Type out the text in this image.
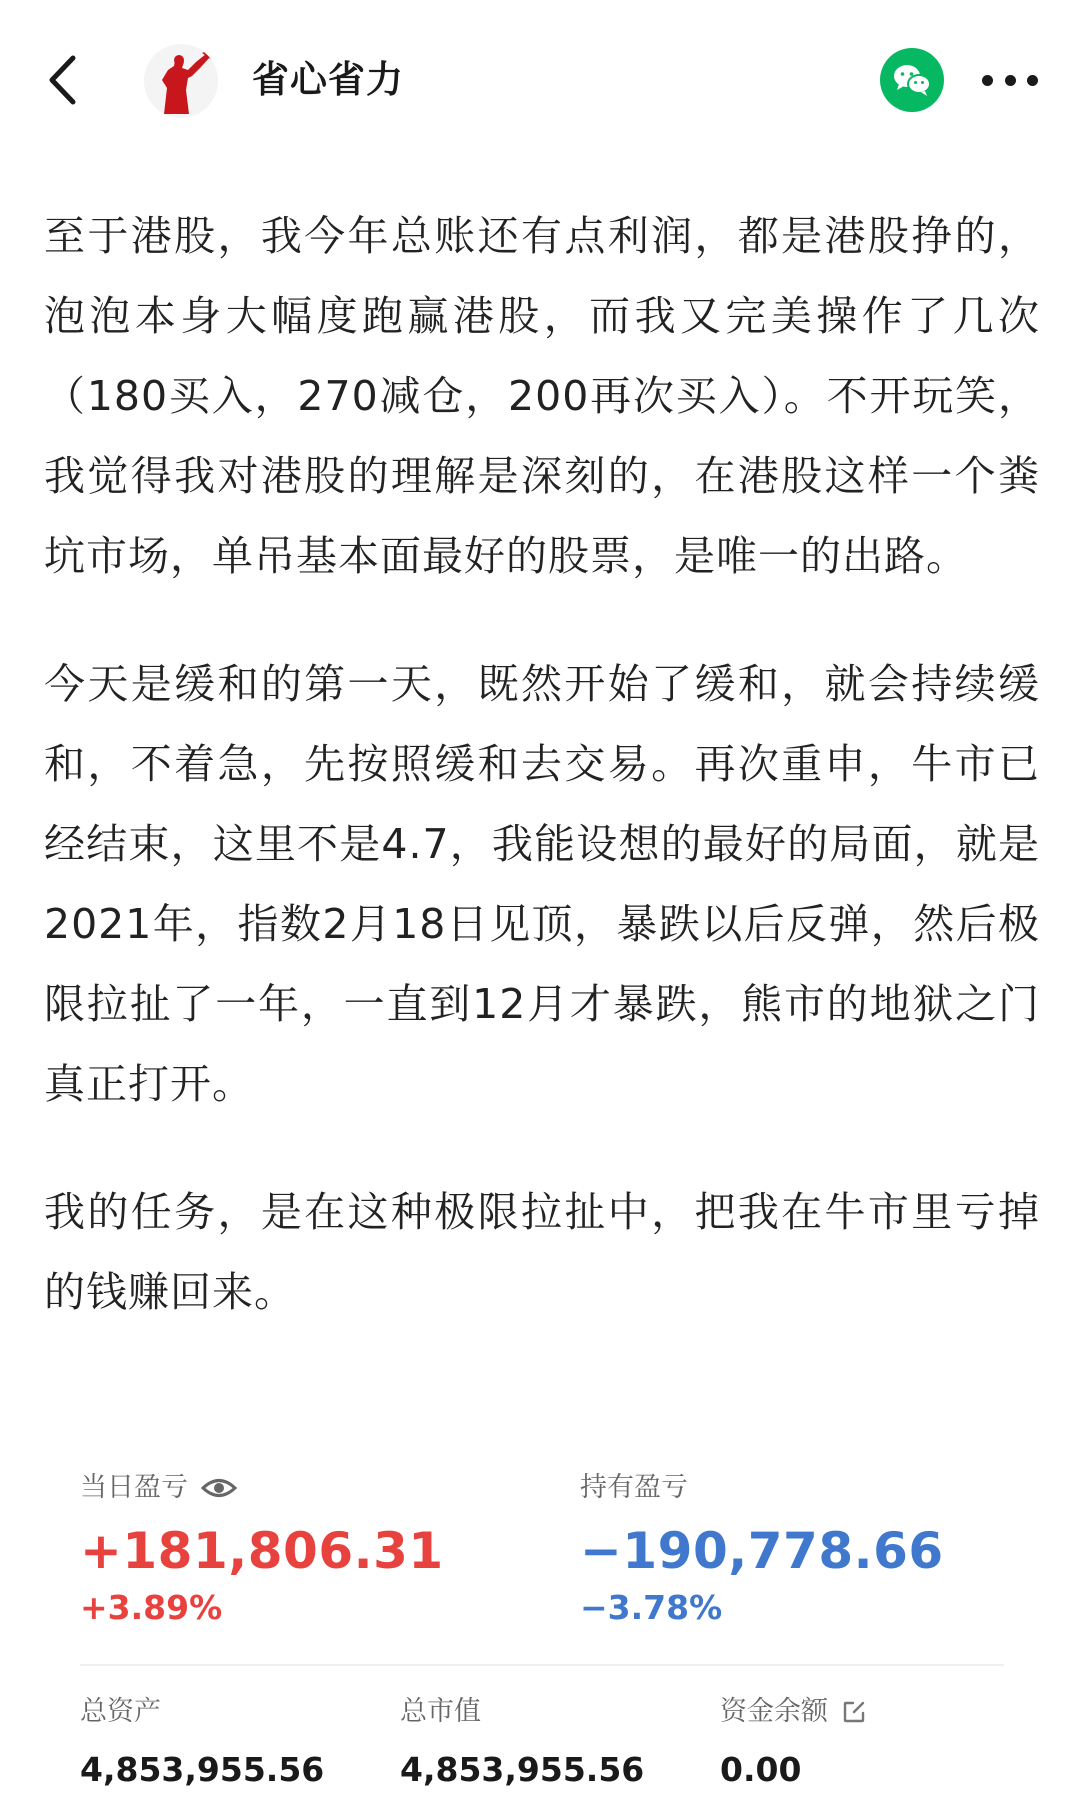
省心省力

至于港股，我今年总账还有点利润，都是港股挣的，泡泡本身大幅度跑赢港股，而我又完美操作了几次（180买入，270减仓，200再次买入）。不开玩笑，我觉得我对港股的理解是深刻的，在港股这样一个粪坑市场，单吊基本面最好的股票，是唯一的出路。

今天是缓和的第一天，既然开始了缓和，就会持续缓和，不着急，先按照缓和去交易。再次重申，牛市已经结束，这里不是4.7，我能设想的最好的局面，就是2021年，指数2月18日见顶，暴跌以后反弹，然后极限拉扯了一年，一直到12月才暴跌，熊市的地狱之门真正打开。

我的任务，是在这种极限拉扯中，把我在牛市里亏掉的钱赚回来。

当日盈亏
+181,806.31
+3.89%
持有盈亏
−190,778.66
−3.78%
总资产
4,853,955.56
总市值
4,853,955.56
资金余额
0.00
